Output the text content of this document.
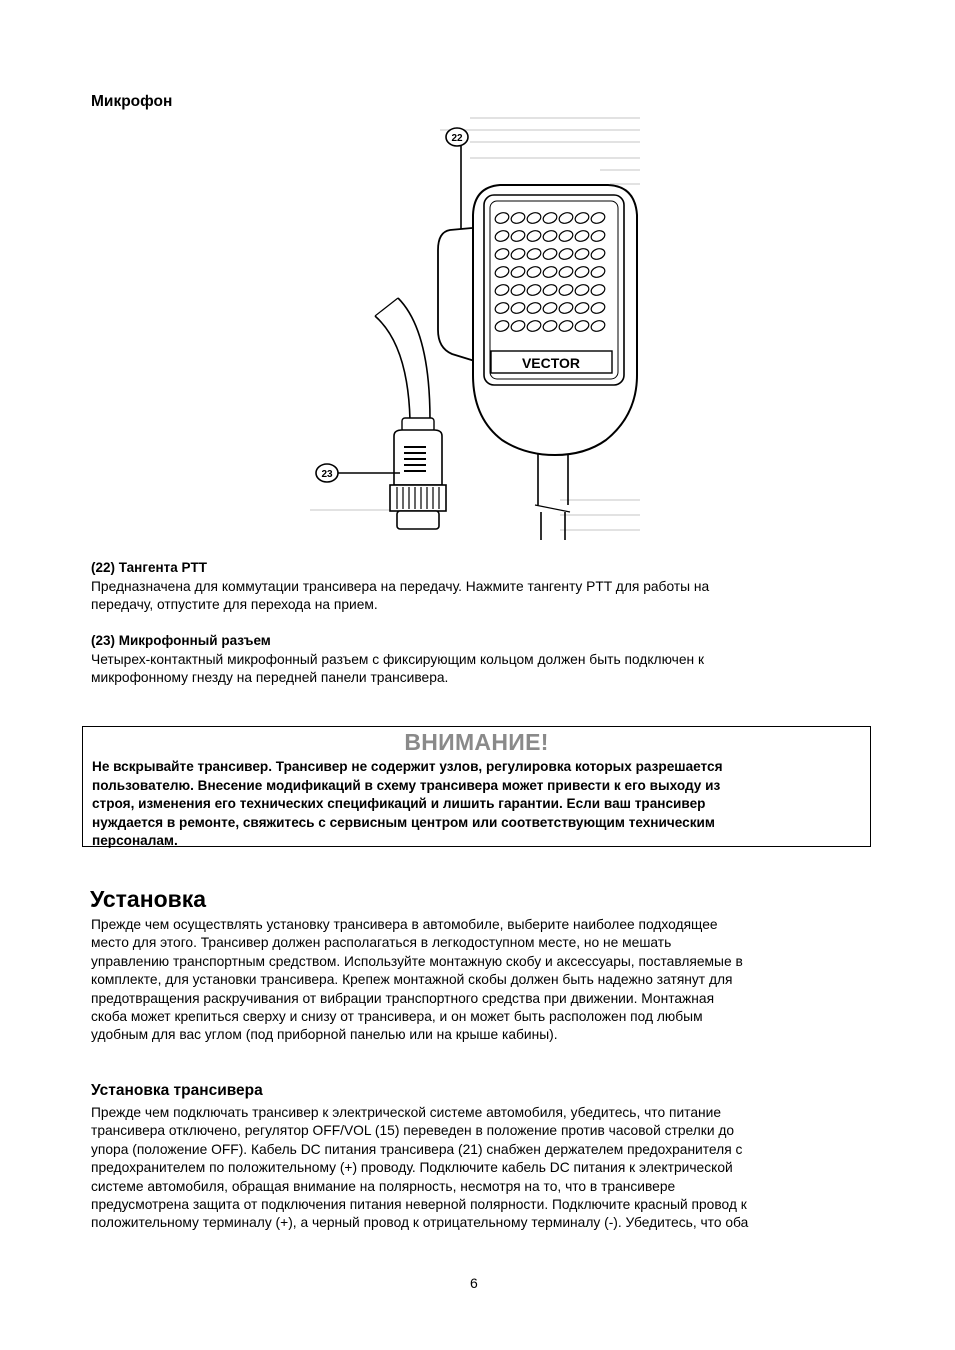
Микрофон
VECTOR
22
23
(22) Тангента PTT

Предназначена для коммутации трансивера на передачу. Нажмите тангенту PTT для работы на

передачу, отпустите для перехода на прием.

(23) Микрофонный разъем

Четырех-контактный микрофонный разъем с фиксирующим кольцом должен быть подключен к

микрофонному гнезду на передней панели трансивера.

ВНИМАНИЕ!
Не вскрывайте трансивер. Трансивер не содержит узлов, регулировка которых разрешается
пользователю. Внесение модификаций в схему трансивера может привести к его выходу из
строя, изменения его технических спецификаций и лишить гарантии. Если ваш трансивер
нуждается в ремонте, свяжитесь с сервисным центром или соответствующим техническим
персоналам.
Установка

Прежде чем осуществлять установку трансивера в автомобиле, выберите наиболее подходящее

место для этого. Трансивер должен располагаться в легкодоступном месте, но не мешать

управлению транспортным средством. Используйте монтажную скобу и аксессуары, поставляемые в

комплекте, для установки трансивера. Крепеж монтажной скобы должен быть надежно затянут для

предотвращения раскручивания от вибрации транспортного средства при движении. Монтажная

скоба может крепиться сверху и снизу от трансивера, и он может быть расположен под любым

удобным для вас углом (под приборной панелью или на крыше кабины).

Установка трансивера

Прежде чем подключать трансивер к электрической системе автомобиля, убедитесь, что питание

трансивера отключено, регулятор OFF/VOL (15) переведен в положение против часовой стрелки до

упора (положение OFF). Кабель DC питания трансивера (21) снабжен держателем предохранителя с

предохранителем по положительному (+) проводу. Подключите кабель DC питания к электрической

системе автомобиля, обращая внимание на полярность, несмотря на то, что в трансивере

предусмотрена защита от подключения питания неверной полярности. Подключите красный провод к

положительному терминалу (+), а черный провод к отрицательному терминалу (-). Убедитесь, что оба

6
